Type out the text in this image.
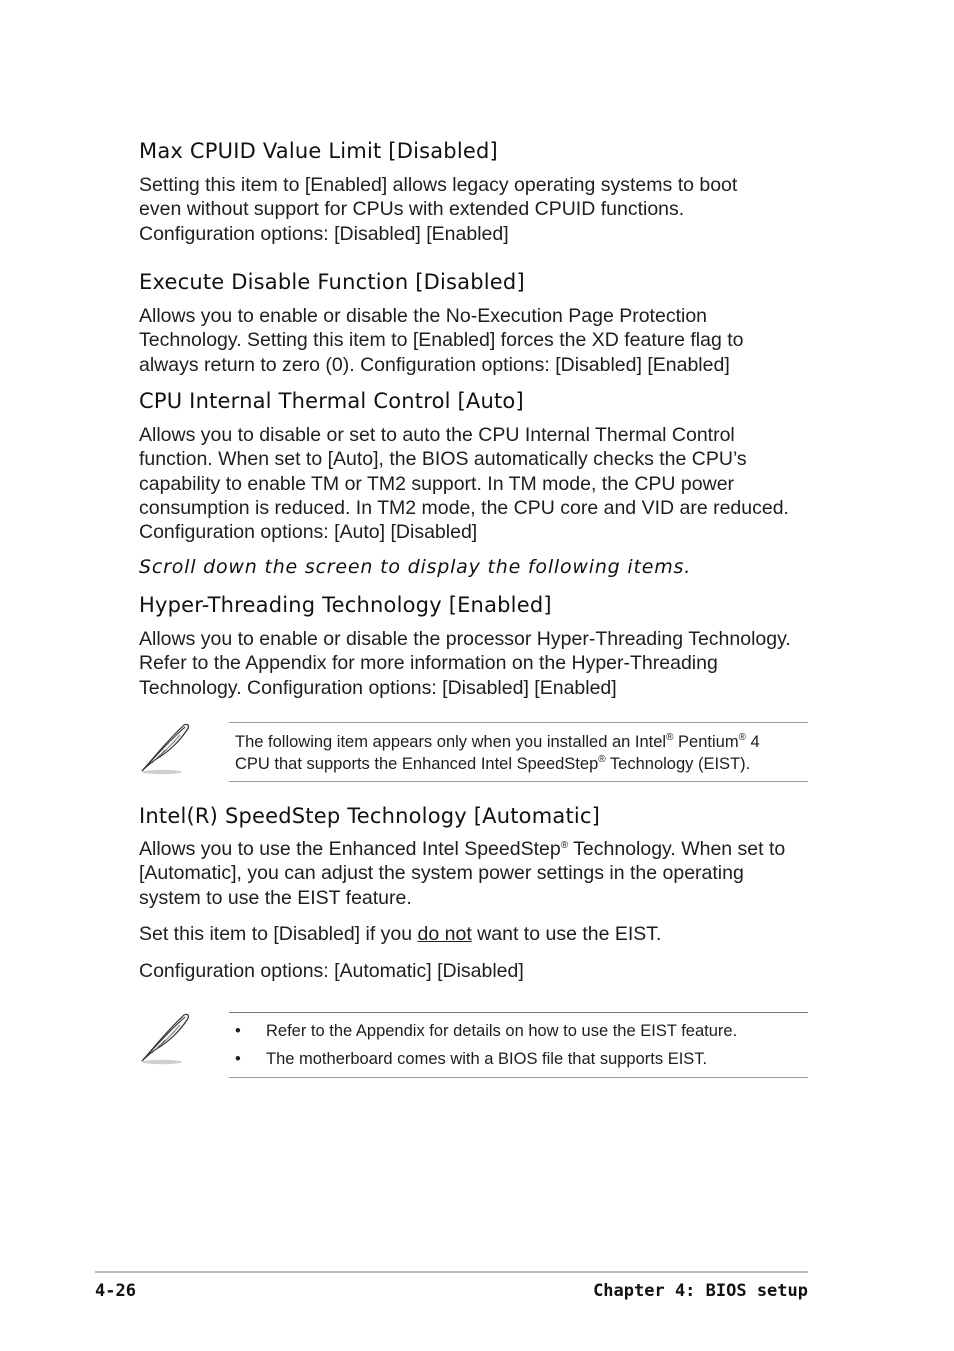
Max CPUID Value Limit [Disabled]

Setting this item to [Enabled] allows legacy operating systems to boot
even without support for CPUs with extended CPUID functions.
Configuration options: [Disabled] [Enabled]

Execute Disable Function [Disabled]

Allows you to enable or disable the No-Execution Page Protection
Technology. Setting this item to [Enabled] forces the XD feature flag to
always return to zero (0). Configuration options: [Disabled] [Enabled]

CPU Internal Thermal Control [Auto]

Allows you to disable or set to auto the CPU Internal Thermal Control
function. When set to [Auto], the BIOS automatically checks the CPU’s
capability to enable TM or TM2 support. In TM mode, the CPU power
consumption is reduced. In TM2 mode, the CPU core and VID are reduced.
Configuration options: [Auto] [Disabled]

Scroll down the screen to display the following items.

Hyper-Threading Technology [Enabled]

Allows you to enable or disable the processor Hyper-Threading Technology.
Refer to the Appendix for more information on the Hyper-Threading
Technology. Configuration options: [Disabled] [Enabled]

The following item appears only when you installed an Intel® Pentium® 4
CPU that supports the Enhanced Intel SpeedStep® Technology (EIST).

Intel(R) SpeedStep Technology [Automatic]

Allows you to use the Enhanced Intel SpeedStep® Technology. When set to
[Automatic], you can adjust the system power settings in the operating
system to use the EIST feature.

Set this item to [Disabled] if you do not want to use the EIST.

Configuration options: [Automatic] [Disabled]

• Refer to the Appendix for details on how to use the EIST feature.
• The motherboard comes with a BIOS file that supports EIST.

4-26	Chapter 4: BIOS setup
